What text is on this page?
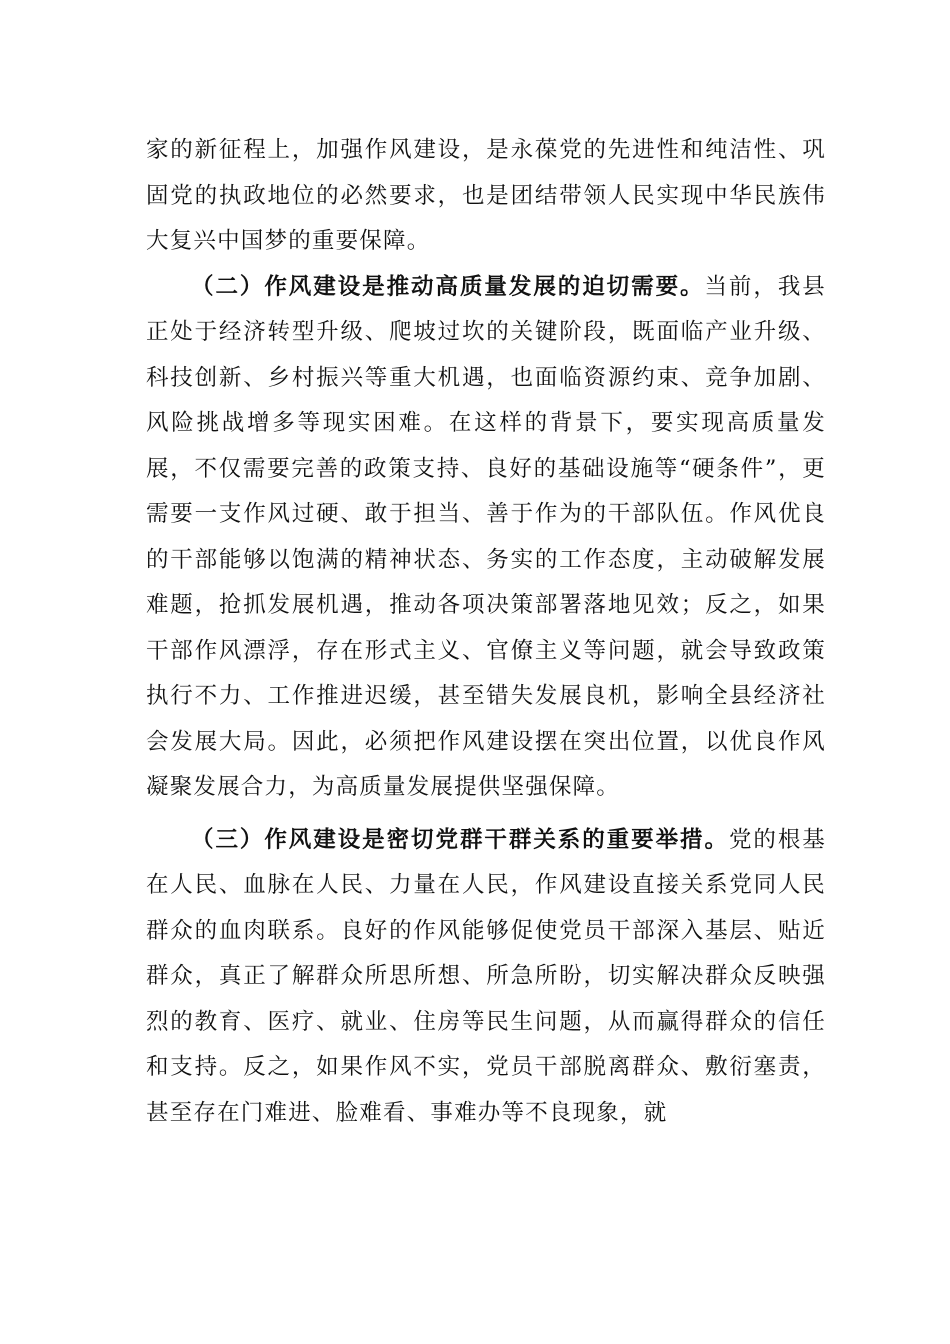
家的新征程上，加强作风建设，是永葆党的先进性和纯洁性、巩固党的执政地位的必然要求，也是团结带领人民实现中华民族伟大复兴中国梦的重要保障。

（二）作风建设是推动高质量发展的迫切需要。当前，我县正处于经济转型升级、爬坡过坎的关键阶段，既面临产业升级、科技创新、乡村振兴等重大机遇，也面临资源约束、竞争加剧、风险挑战增多等现实困难。在这样的背景下，要实现高质量发展，不仅需要完善的政策支持、良好的基础设施等“硬条件”，更需要一支作风过硬、敢于担当、善于作为的干部队伍。作风优良的干部能够以饱满的精神状态、务实的工作态度，主动破解发展难题，抢抓发展机遇，推动各项决策部署落地见效；反之，如果干部作风漂浮，存在形式主义、官僚主义等问题，就会导致政策执行不力、工作推进迟缓，甚至错失发展良机，影响全县经济社会发展大局。因此，必须把作风建设摆在突出位置，以优良作风凝聚发展合力，为高质量发展提供坚强保障。

（三）作风建设是密切党群干群关系的重要举措。党的根基在人民、血脉在人民、力量在人民，作风建设直接关系党同人民群众的血肉联系。良好的作风能够促使党员干部深入基层、贴近群众，真正了解群众所思所想、所急所盼，切实解决群众反映强烈的教育、医疗、就业、住房等民生问题，从而赢得群众的信任和支持。反之，如果作风不实，党员干部脱离群众、敷衍塞责，甚至存在门难进、脸难看、事难办等不良现象，就
